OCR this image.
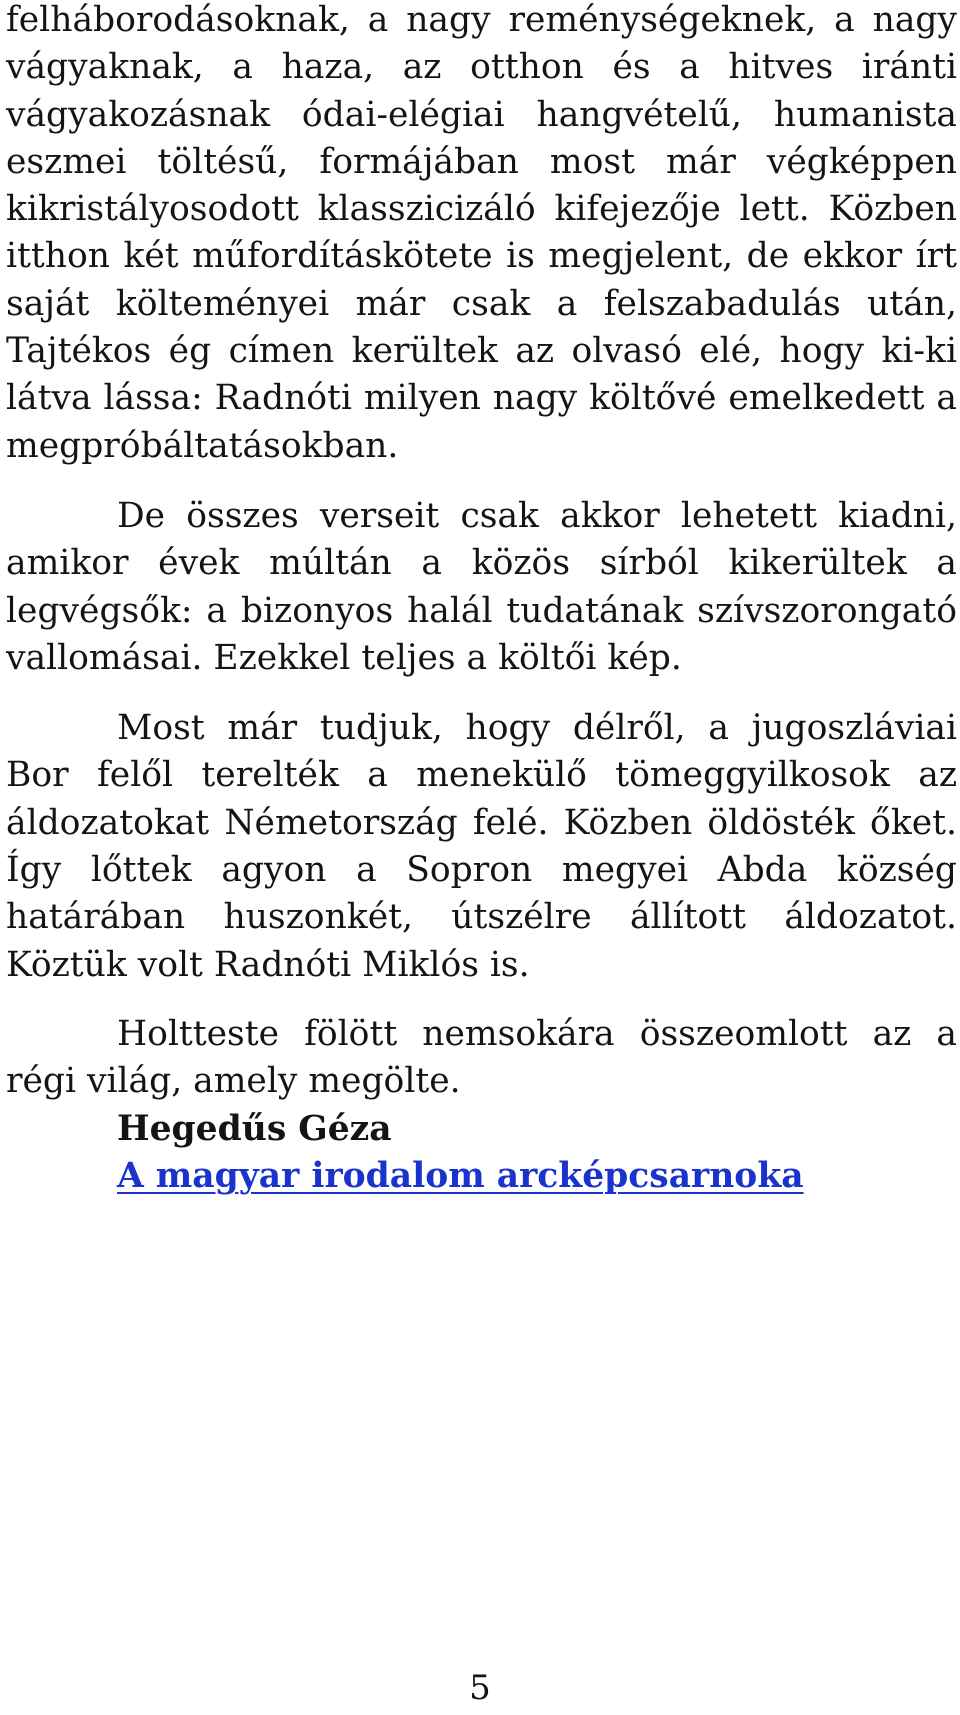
felháborodásoknak, a nagy reménységeknek, a nagy vágyaknak, a haza, az otthon és a hitves iránti vágyakozásnak ódai-elégiai hangvételű, humanista eszmei töltésű, formájában most már végképpen kikristályosodott klasszicizáló kifejezője lett. Közben itthon két műfordításkötete is megjelent, de ekkor írt saját költeményei már csak a felszabadulás után, Tajtékos ég címen kerültek az olvasó elé, hogy ki-ki látva lássa: Radnóti milyen nagy költővé emelkedett a megpróbáltatásokban.

De összes verseit csak akkor lehetett kiadni, amikor évek múltán a közös sírból kikerültek a legvégsők: a bizonyos halál tudatának szívszorongató vallomásai. Ezekkel teljes a költői kép.

Most már tudjuk, hogy délről, a jugoszláviai Bor felől terelték a menekülő tömeggyilkosok az áldozatokat Németország felé. Közben öldösték őket. Így lőttek agyon a Sopron megyei Abda község határában huszonkét, útszélre állított áldozatot. Köztük volt Radnóti Miklós is.

Holtteste fölött nemsokára összeomlott az a régi világ, amely megölte.

Hegedűs Géza
A magyar irodalom arcképcsarnoka
5
